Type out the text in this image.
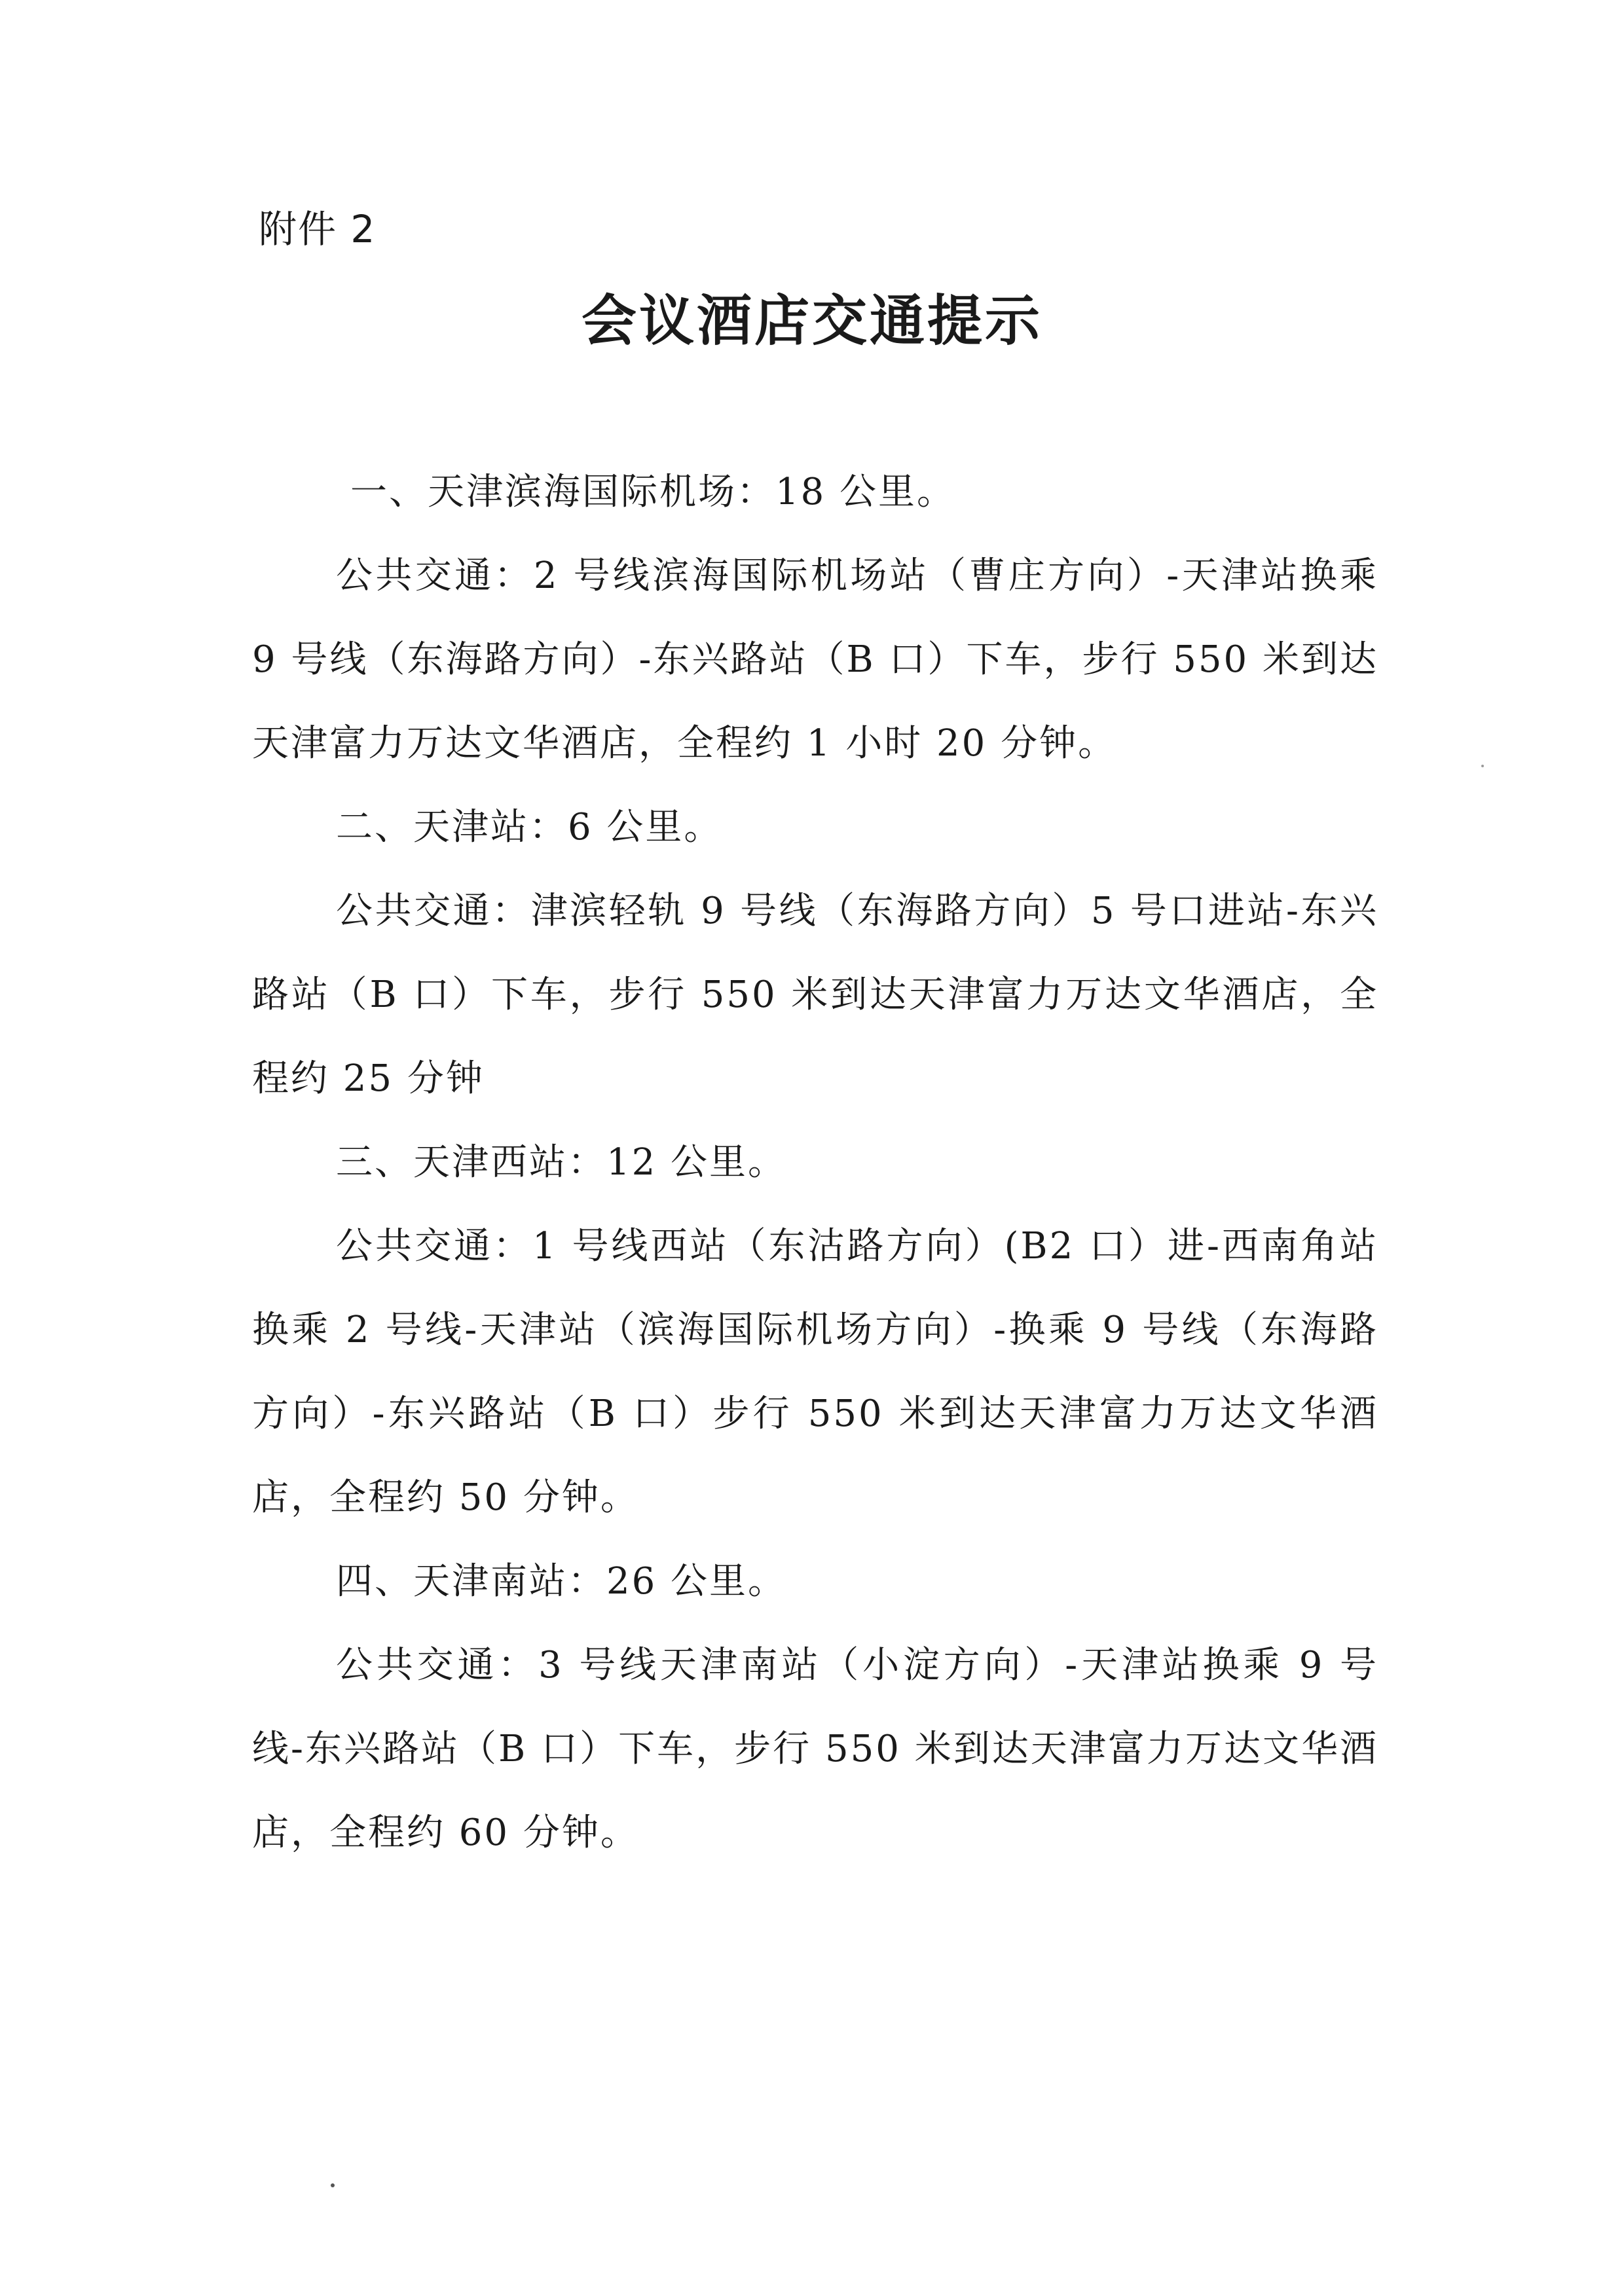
附件 2
会议酒店交通提示

一、天津滨海国际机场：18 公里。

公共交通：2 号线滨海国际机场站（曹庄方向）-天津站换乘 9 号线（东海路方向）-东兴路站（B 口）下车，步行 550 米到达天津富力万达文华酒店，全程约 1 小时 20 分钟。

二、天津站：6 公里。

公共交通：津滨轻轨 9 号线（东海路方向）5 号口进站-东兴路站（B 口）下车，步行 550 米到达天津富力万达文华酒店，全程约 25 分钟

三、天津西站：12 公里。

公共交通：1 号线西站（东沽路方向）(B2 口）进-西南角站换乘 2 号线-天津站（滨海国际机场方向）-换乘 9 号线（东海路方向）-东兴路站（B 口）步行 550 米到达天津富力万达文华酒店，全程约 50 分钟。

四、天津南站：26 公里。

公共交通：3 号线天津南站（小淀方向）-天津站换乘 9 号线-东兴路站（B 口）下车，步行 550 米到达天津富力万达文华酒店，全程约 60 分钟。
